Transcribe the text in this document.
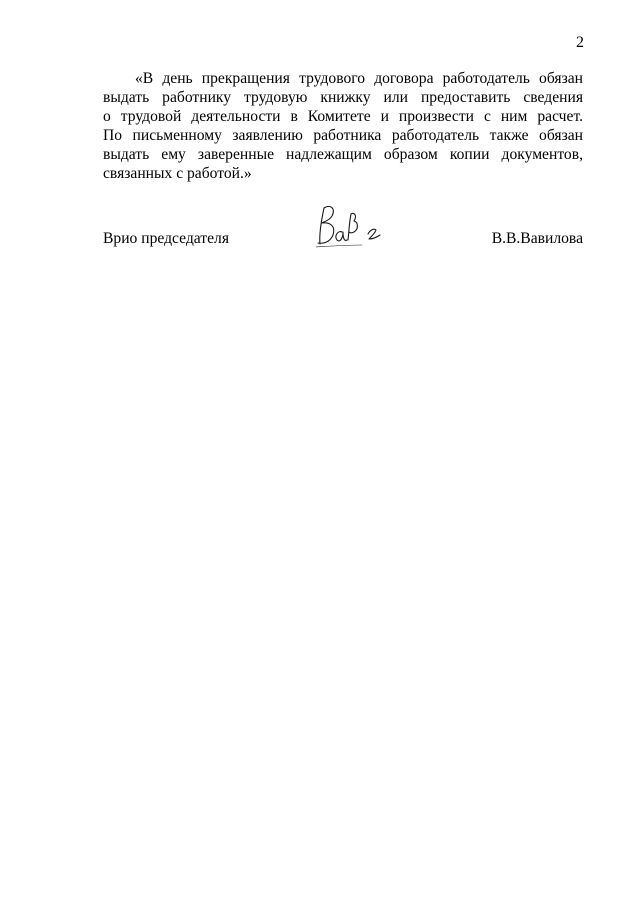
2
«В день прекращения трудового договора работодатель обязан
выдать работнику трудовую книжку или предоставить сведения
о трудовой деятельности в Комитете и произвести с ним расчет.
По письменному заявлению работника работодатель также обязан
выдать ему заверенные надлежащим образом копии документов,
связанных с работой.»
Врио председателя	В.В.Вавилова
